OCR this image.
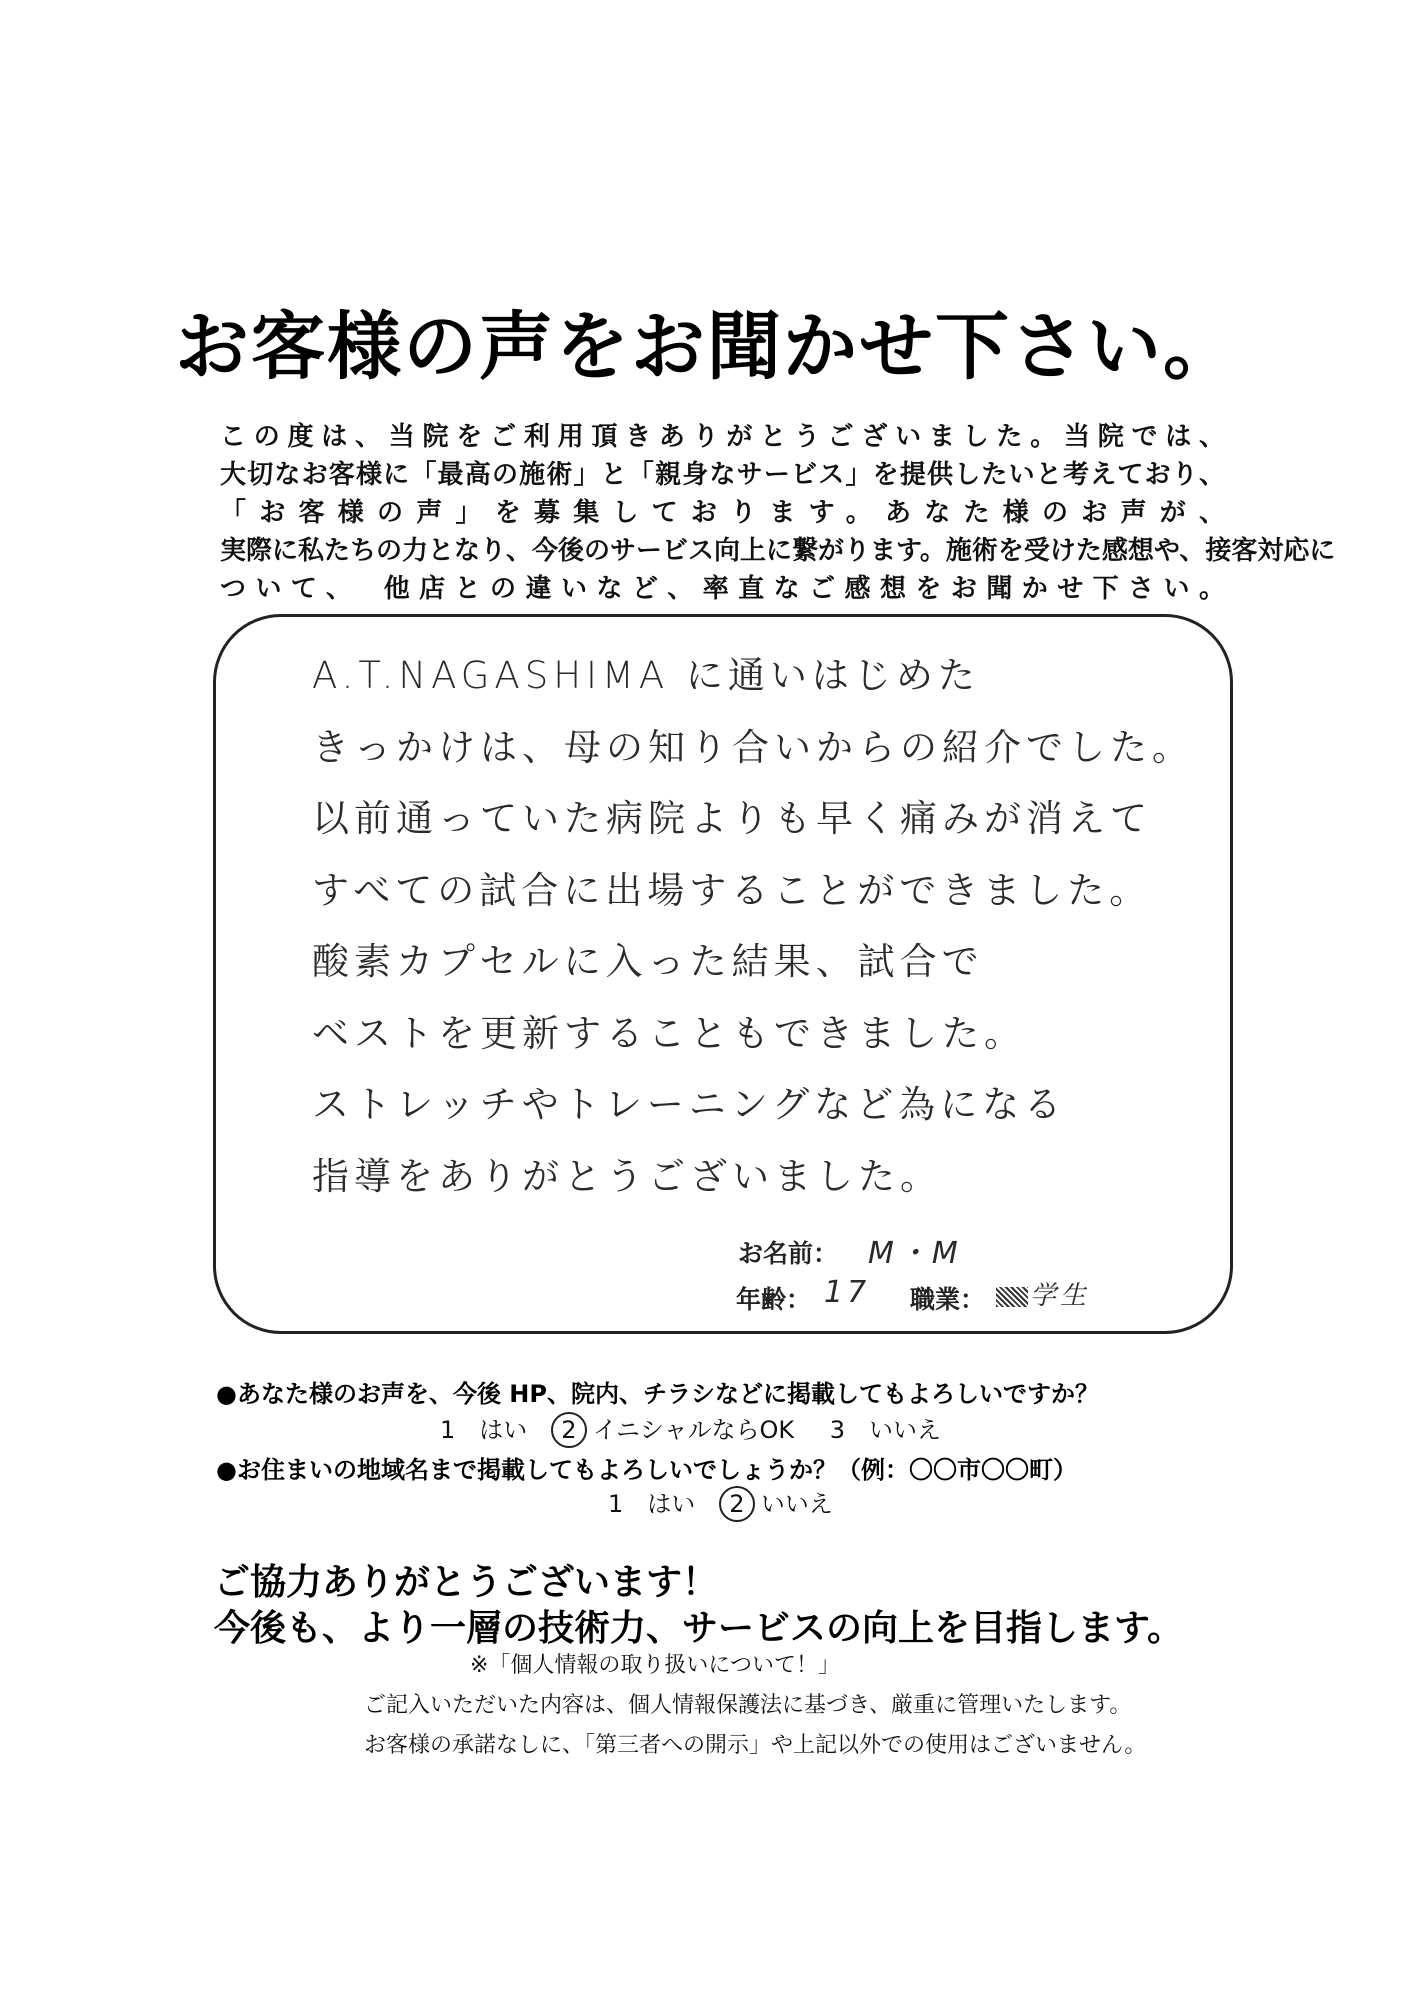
お客様の声をお聞かせ下さい。
この度は、当院をご利用頂きありがとうございました。当院では、
大切なお客様に「最高の施術」と「親身なサービス」を提供したいと考えており、
「お客様の声」を募集しております。あなた様のお声が、
実際に私たちの力となり、今後のサービス向上に繋がります。施術を受けた感想や、接客対応に
ついて、　他店との違いなど、率直なご感想をお聞かせ下さい。
A.T.NAGASHIMA に通いはじめた
きっかけは、母の知り合いからの紹介でした。
以前通っていた病院よりも早く痛みが消えて
すべての試合に出場することができました。
酸素カプセルに入った結果、試合で
ベストを更新することもできました。
ストレッチやトレーニングなど為になる
指導をありがとうございました。
お名前： M・M
年齢： 17 職業：	学生
●あなた様のお声を、今後 HP、院内、チラシなどに掲載してもよろしいですか？
1　はい 2 イニシャルならOK 3　いいえ
●お住まいの地域名まで掲載してもよろしいでしょうか？（例：〇〇市〇〇町）
1　はい 2 いいえ
ご協力ありがとうございます！
今後も、より一層の技術力、サービスの向上を目指します。
※「個人情報の取り扱いについて！」
ご記入いただいた内容は、個人情報保護法に基づき、厳重に管理いたします。
お客様の承諾なしに、「第三者への開示」や上記以外での使用はございません。
